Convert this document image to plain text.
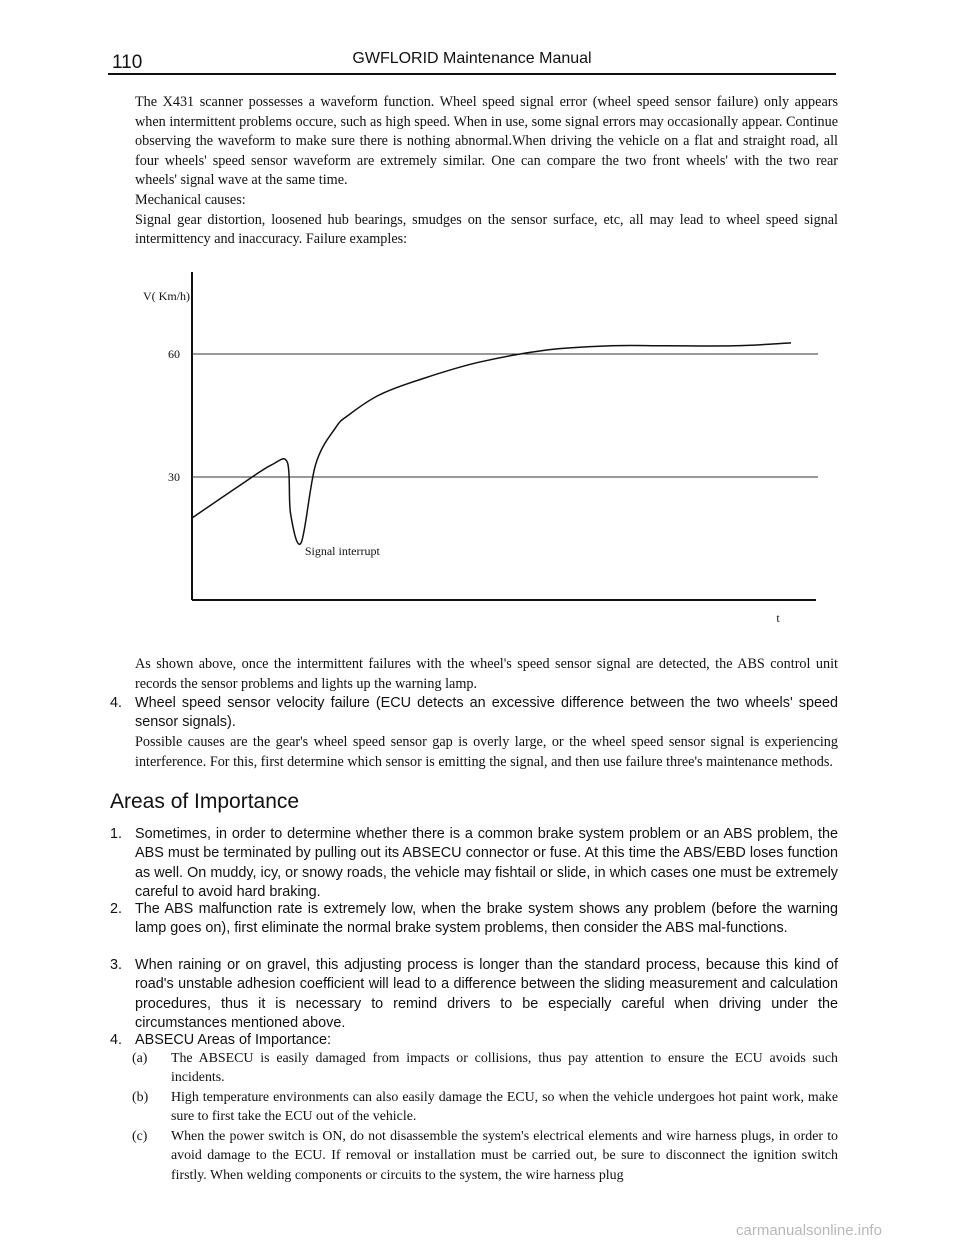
110	GWFLORID Maintenance Manual

The X431 scanner possesses a waveform function. Wheel speed signal error (wheel speed sensor failure) only appears when intermittent problems occure, such as high speed. When in use, some signal errors may occasionally appear. Continue observing the waveform to make sure there is nothing abnormal.When driving the vehicle on a flat and straight road, all four wheels' speed sensor waveform are extremely similar. One can compare the two front wheels' with the two rear wheels' signal wave at the same time.

Mechanical causes:

Signal gear distortion, loosened hub bearings, smudges on the sensor surface, etc, all may lead to wheel speed signal intermittency and inaccuracy. Failure examples:

30
60
V( Km/h)
t
Signal interrupt

As shown above, once the intermittent failures with the wheel's speed sensor signal are detected, the ABS control unit records the sensor problems and lights up the warning lamp.

4. Wheel speed sensor velocity failure (ECU detects an excessive difference between the two wheels' speed sensor signals).

Possible causes are the gear's wheel speed sensor gap is overly large, or the wheel speed sensor signal is experiencing interference. For this, first determine which sensor is emitting the signal, and then use failure three's maintenance methods.

Areas of Importance
1. Sometimes, in order to determine whether there is a common brake system problem or an ABS problem, the ABS must be terminated by pulling out its ABSECU connector or fuse. At this time the ABS/EBD loses function as well. On muddy, icy, or snowy roads, the vehicle may fishtail or slide, in which cases one must be extremely careful to avoid hard braking.
2. The ABS malfunction rate is extremely low, when the brake system shows any problem (before the warning lamp goes on), first eliminate the normal brake system problems, then consider the ABS mal-functions.
3. When raining or on gravel, this adjusting process is longer than the standard process, because this kind of road's unstable adhesion coefficient will lead to a difference between the sliding measurement and calculation procedures, thus it is necessary to remind drivers to be especially careful when driving under the circumstances mentioned above.
4. ABSECU Areas of Importance:
(a) The ABSECU is easily damaged from impacts or collisions, thus pay attention to ensure the ECU avoids such incidents.
(b) High temperature environments can also easily damage the ECU, so when the vehicle undergoes hot paint work, make sure to first take the ECU out of the vehicle.
(c) When the power switch is ON, do not disassemble the system's electrical elements and wire harness plugs, in order to avoid damage to the ECU. If removal or installation must be carried out, be sure to disconnect the ignition switch firstly. When welding components or circuits to the system, the wire harness plug
carmanualsonline.info
